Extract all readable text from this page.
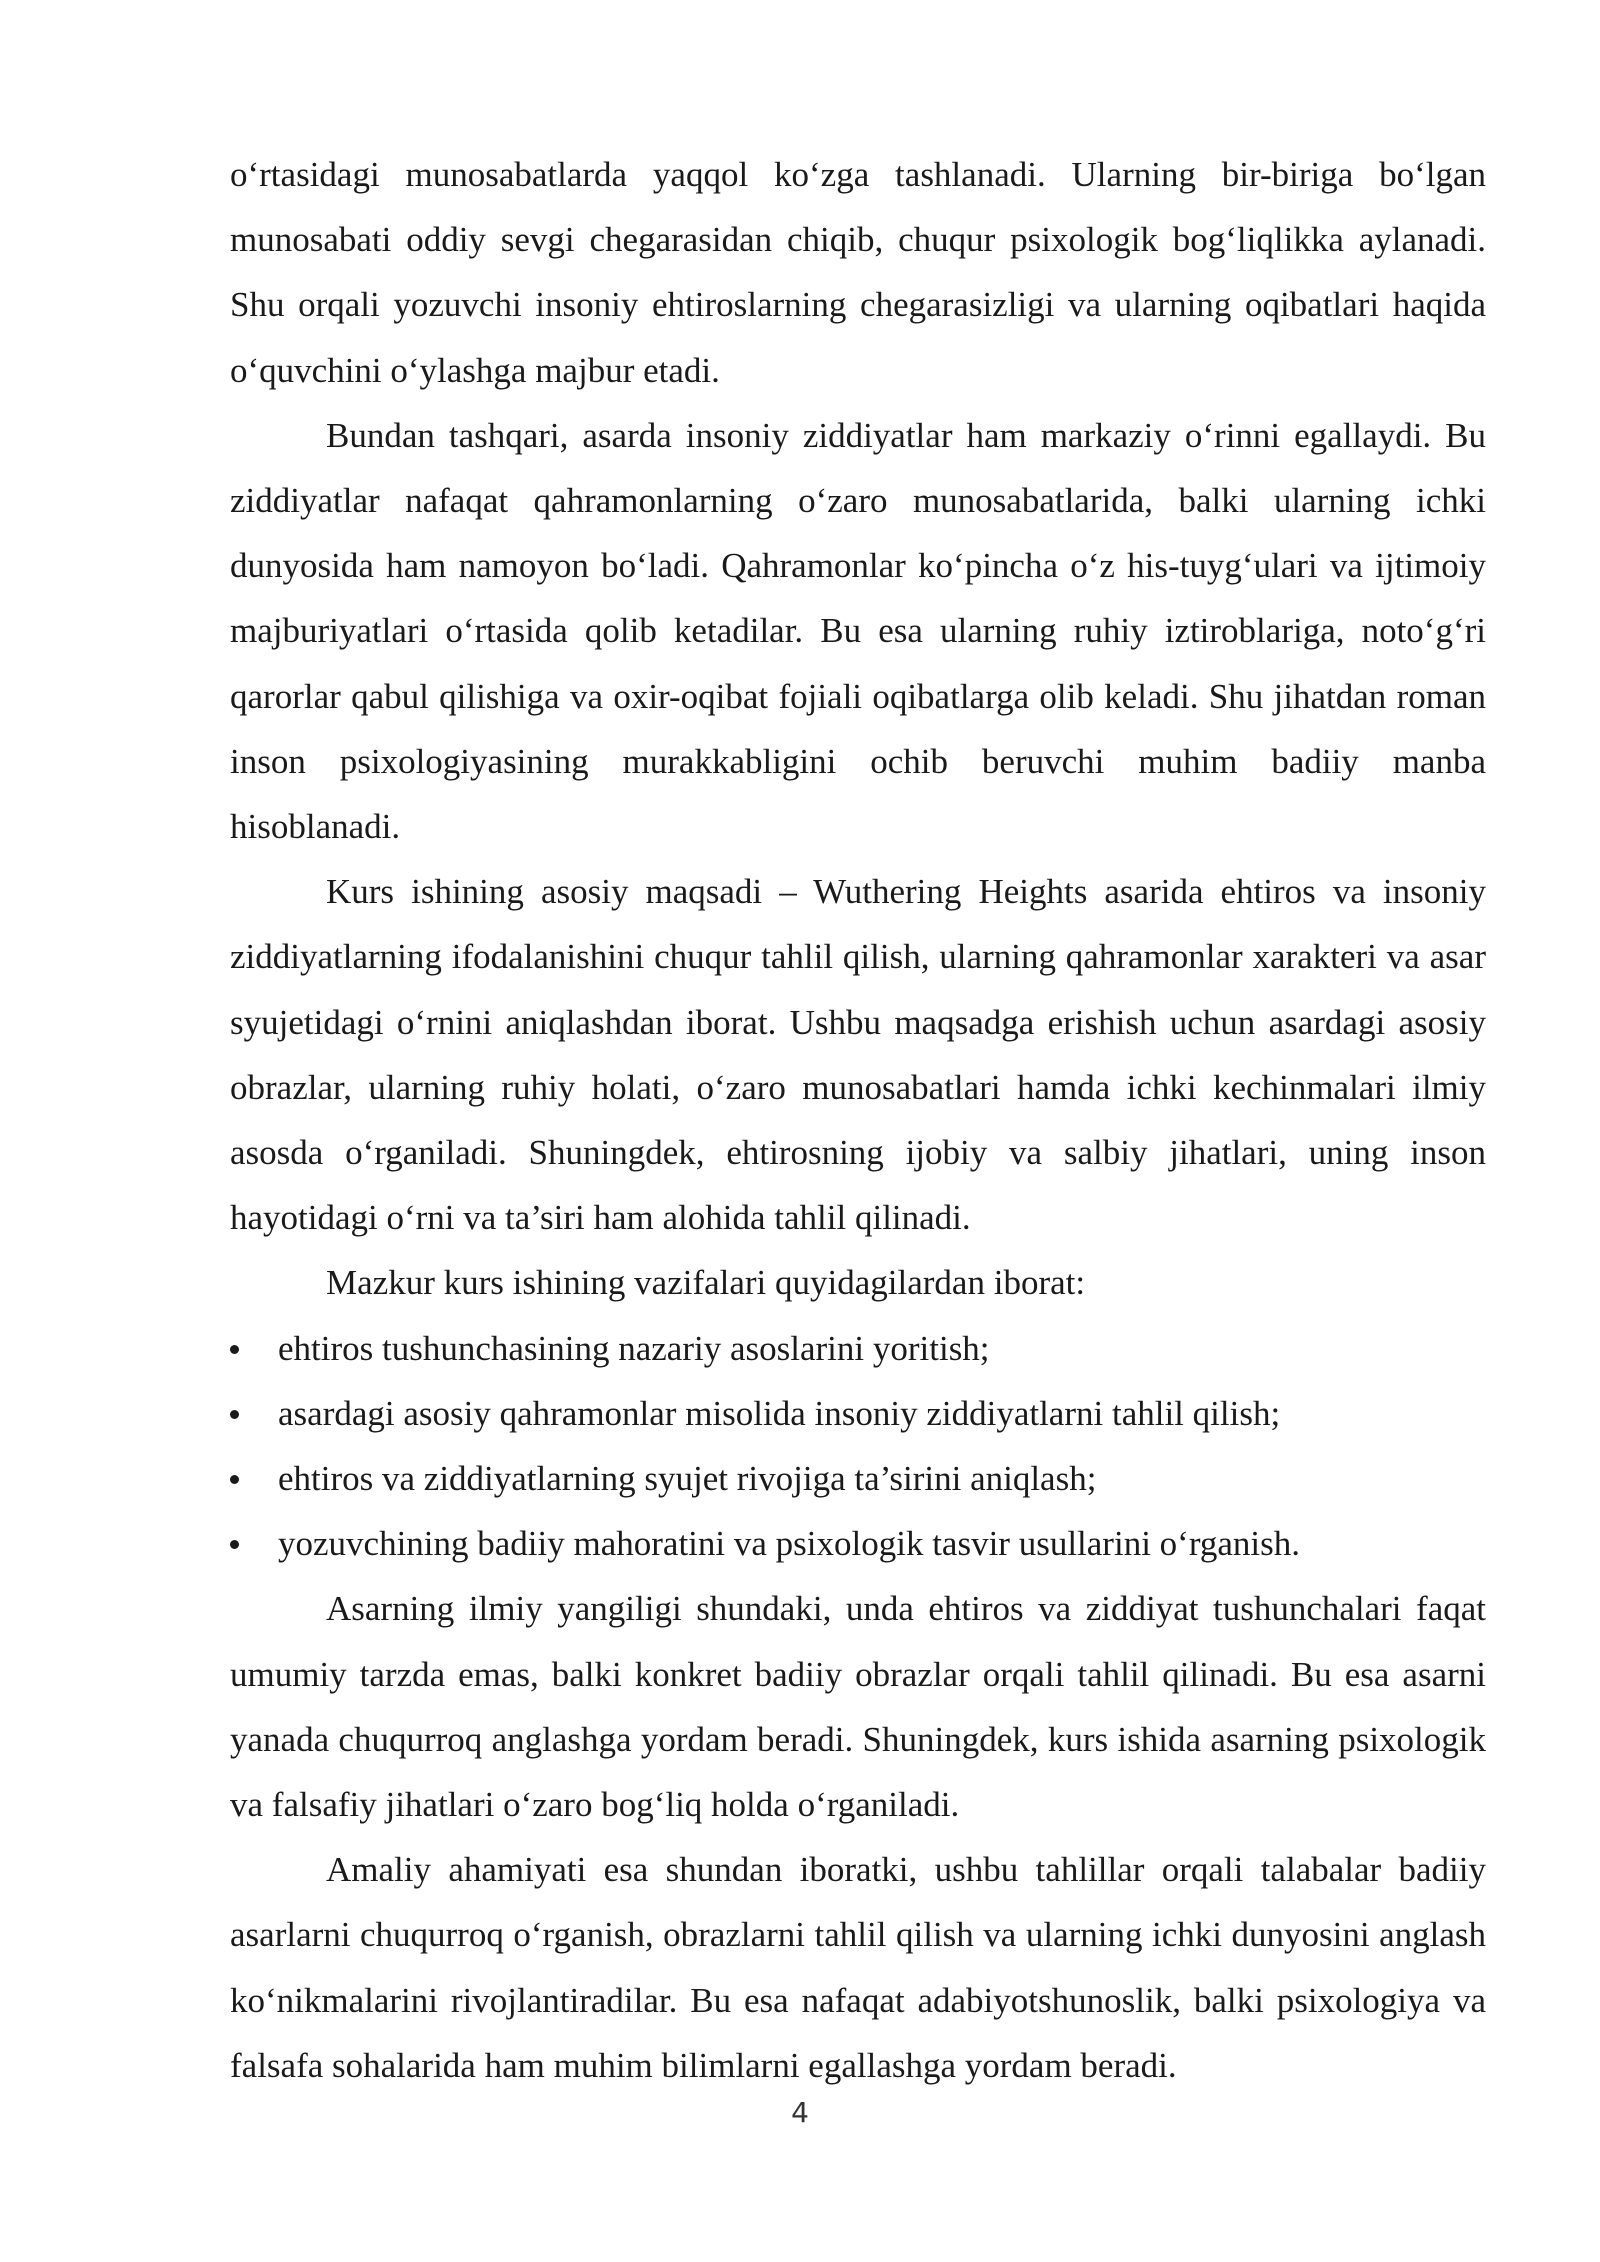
o‘rtasidagi munosabatlarda yaqqol ko‘zga tashlanadi. Ularning bir-biriga bo‘lgan munosabati oddiy sevgi chegarasidan chiqib, chuqur psixologik bog‘liqlikka aylanadi. Shu orqali yozuvchi insoniy ehtiroslarning chegarasizligi va ularning oqibatlari haqida o‘quvchini o‘ylashga majbur etadi.

Bundan tashqari, asarda insoniy ziddiyatlar ham markaziy o‘rinni egallaydi. Bu ziddiyatlar nafaqat qahramonlarning o‘zaro munosabatlarida, balki ularning ichki dunyosida ham namoyon bo‘ladi. Qahramonlar ko‘pincha o‘z his-tuyg‘ulari va ijtimoiy majburiyatlari o‘rtasida qolib ketadilar. Bu esa ularning ruhiy iztiroblariga, noto‘g‘ri qarorlar qabul qilishiga va oxir-oqibat fojiali oqibatlarga olib keladi. Shu jihatdan roman inson psixologiyasining murakkabligini ochib beruvchi muhim badiiy manba hisoblanadi.

Kurs ishining asosiy maqsadi – Wuthering Heights asarida ehtiros va insoniy ziddiyatlarning ifodalanishini chuqur tahlil qilish, ularning qahramonlar xarakteri va asar syujetidagi o‘rnini aniqlashdan iborat. Ushbu maqsadga erishish uchun asardagi asosiy obrazlar, ularning ruhiy holati, o‘zaro munosabatlari hamda ichki kechinmalari ilmiy asosda o‘rganiladi. Shuningdek, ehtirosning ijobiy va salbiy jihatlari, uning inson hayotidagi o‘rni va ta’siri ham alohida tahlil qilinadi.

Mazkur kurs ishining vazifalari quyidagilardan iborat:

ehtiros tushunchasining nazariy asoslarini yoritish;
asardagi asosiy qahramonlar misolida insoniy ziddiyatlarni tahlil qilish;
ehtiros va ziddiyatlarning syujet rivojiga ta’sirini aniqlash;
yozuvchining badiiy mahoratini va psixologik tasvir usullarini o‘rganish.

Asarning ilmiy yangiligi shundaki, unda ehtiros va ziddiyat tushunchalari faqat umumiy tarzda emas, balki konkret badiiy obrazlar orqali tahlil qilinadi. Bu esa asarni yanada chuqurroq anglashga yordam beradi. Shuningdek, kurs ishida asarning psixologik va falsafiy jihatlari o‘zaro bog‘liq holda o‘rganiladi.

Amaliy ahamiyati esa shundan iboratki, ushbu tahlillar orqali talabalar badiiy asarlarni chuqurroq o‘rganish, obrazlarni tahlil qilish va ularning ichki dunyosini anglash ko‘nikmalarini rivojlantiradilar. Bu esa nafaqat adabiyotshunoslik, balki psixologiya va falsafa sohalarida ham muhim bilimlarni egallashga yordam beradi.

4
